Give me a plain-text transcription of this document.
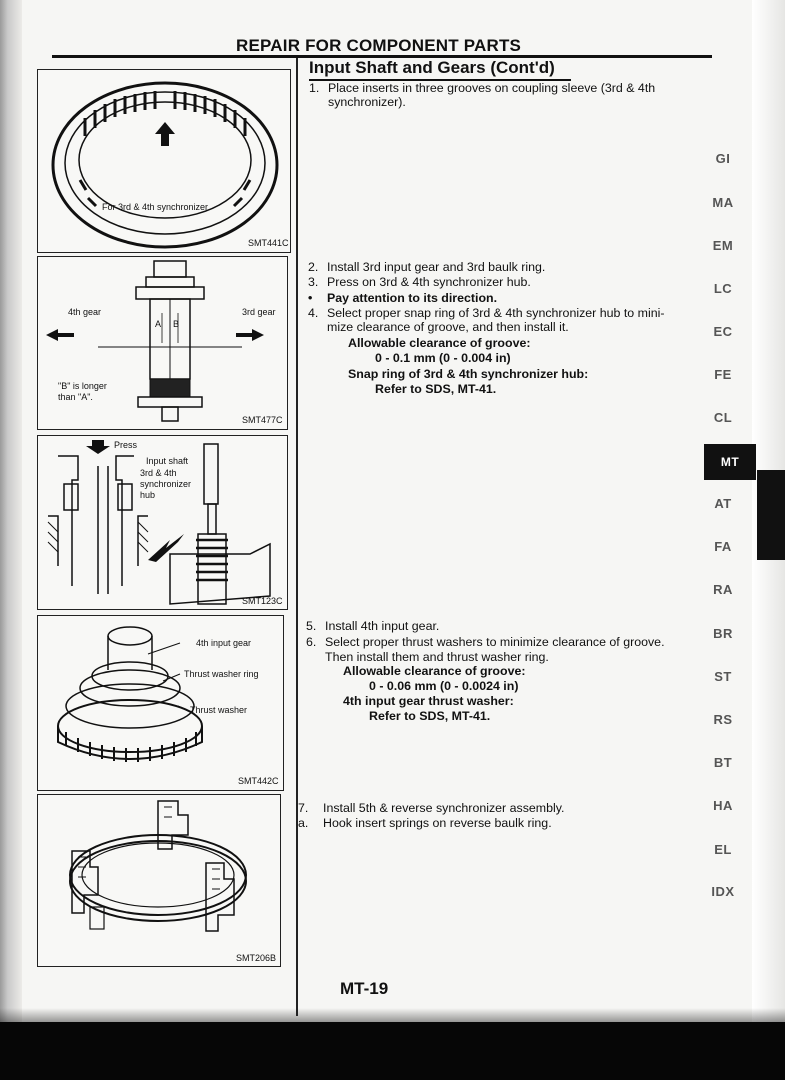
REPAIR FOR COMPONENT PARTS
Input Shaft and Gears (Cont'd)
For 3rd & 4th synchronizer
SMT441C
4th gear	3rd gear
A B
"B" is longer
than "A".
SMT477C
Press
Input shaft
3rd & 4th
synchronizer
hub
SMT123C
4th input gear
Thrust washer ring
Thrust washer
SMT442C
SMT206B
1. Place inserts in three grooves on coupling sleeve (3rd & 4th
synchronizer).
2. Install 3rd input gear and 3rd baulk ring.
3. Press on 3rd & 4th synchronizer hub.
• Pay attention to its direction.
4. Select proper snap ring of 3rd & 4th synchronizer hub to mini-
mize clearance of groove, and then install it.
Allowable clearance of groove:
0 - 0.1 mm (0 - 0.004 in)
Snap ring of 3rd & 4th synchronizer hub:
Refer to SDS, MT-41.
5. Install 4th input gear.
6. Select proper thrust washers to minimize clearance of groove.
Then install them and thrust washer ring.
Allowable clearance of groove:
0 - 0.06 mm (0 - 0.0024 in)
4th input gear thrust washer:
Refer to SDS, MT-41.
7. Install 5th & reverse synchronizer assembly.
a. Hook insert springs on reverse baulk ring.
GI
MA
EM
LC
EC
FE
CL
MT
AT
FA
RA
BR
ST
RS
BT
HA
EL
IDX
MT-19
